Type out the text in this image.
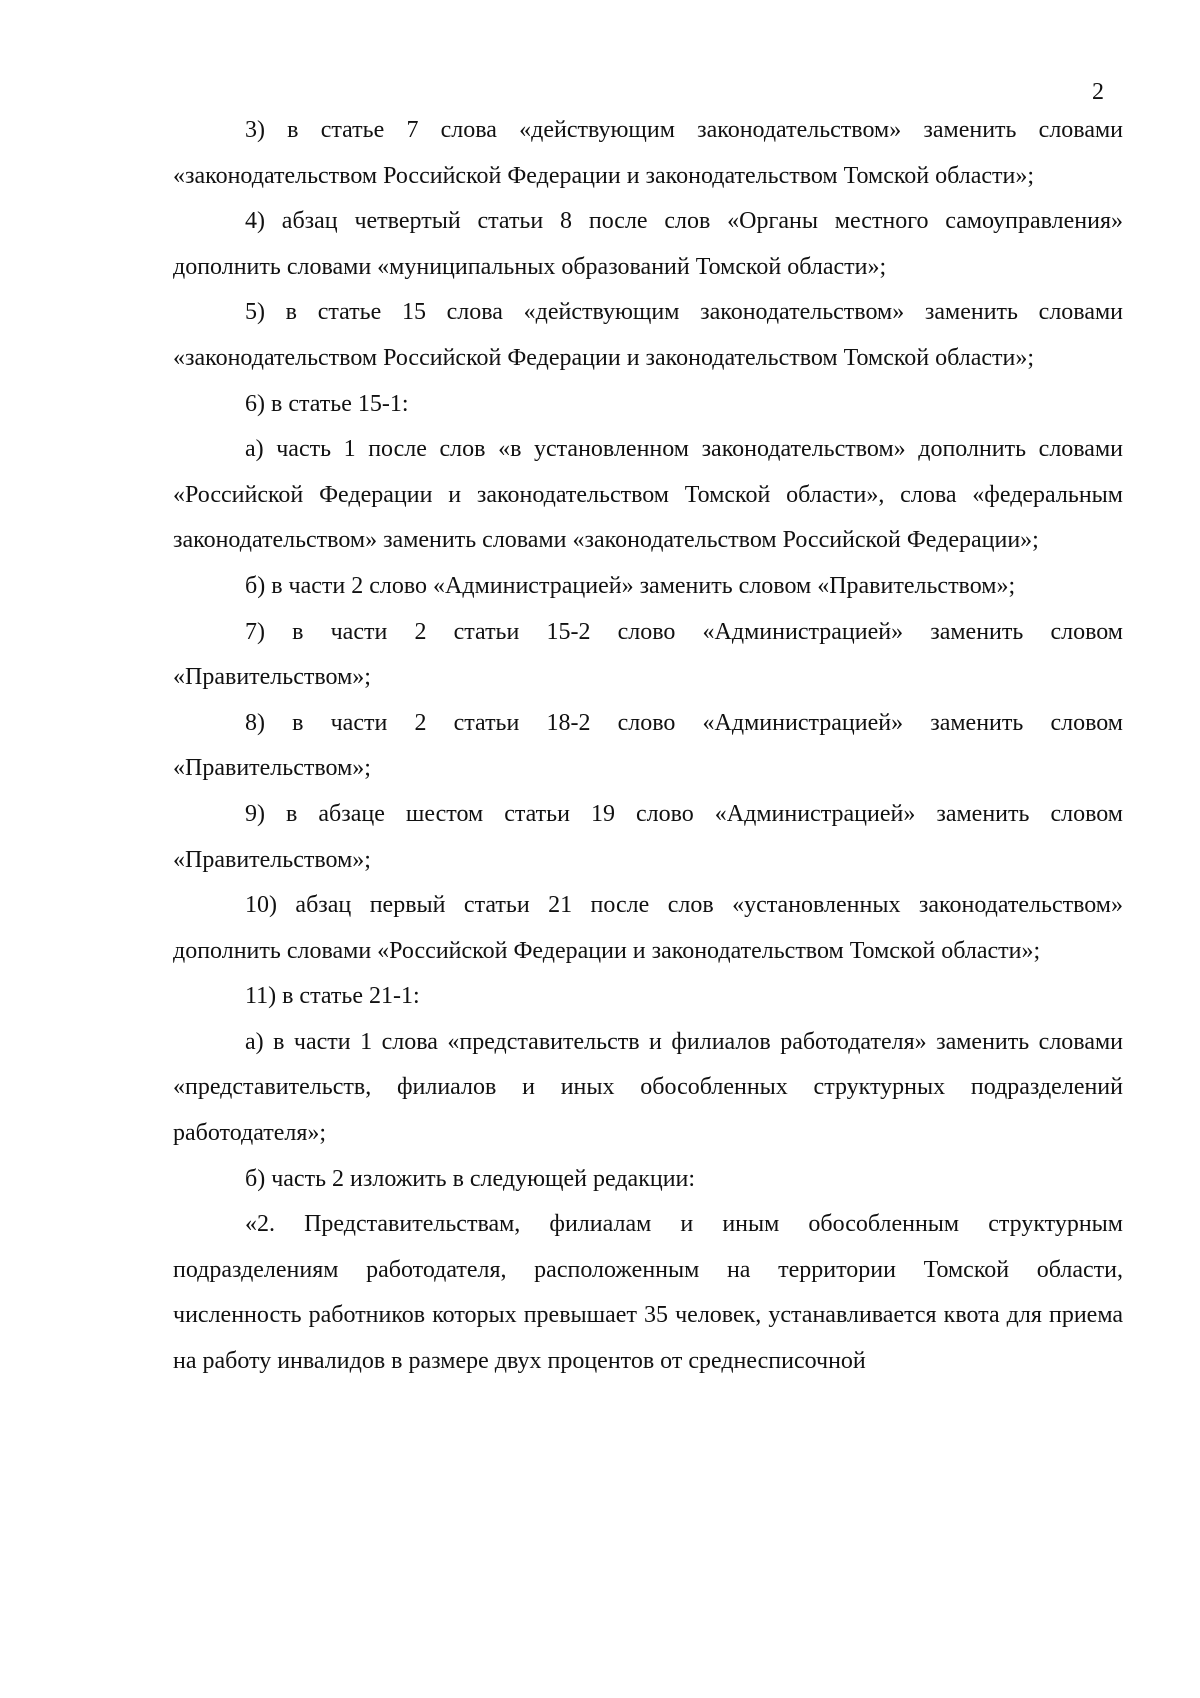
2

3) в статье 7 слова «действующим законодательством» заменить словами «законодательством Российской Федерации и законодательством Томской области»;

4) абзац четвертый статьи 8 после слов «Органы местного самоуправления» дополнить словами «муниципальных образований Томской области»;

5) в статье 15 слова «действующим законодательством» заменить словами «законодательством Российской Федерации и законодательством Томской области»;

6) в статье 15-1:

а) часть 1 после слов «в установленном законодательством» дополнить словами «Российской Федерации и законодательством Томской области», слова «федеральным законодательством» заменить словами «законодательством Российской Федерации»;

б) в части 2 слово «Администрацией» заменить словом «Правительством»;

7) в части 2 статьи 15-2 слово «Администрацией» заменить словом «Правительством»;

8) в части 2 статьи 18-2 слово «Администрацией» заменить словом «Правительством»;

9) в абзаце шестом статьи 19 слово «Администрацией» заменить словом «Правительством»;

10) абзац первый статьи 21 после слов «установленных законодательством» дополнить словами «Российской Федерации и законодательством Томской области»;

11) в статье 21-1:

а) в части 1 слова «представительств и филиалов работодателя» заменить словами «представительств, филиалов и иных обособленных структурных подразделений работодателя»;

б) часть 2 изложить в следующей редакции:

«2. Представительствам, филиалам и иным обособленным структурным подразделениям работодателя, расположенным на территории Томской области, численность работников которых превышает 35 человек, устанавливается квота для приема на работу инвалидов в размере двух процентов от среднесписочной
